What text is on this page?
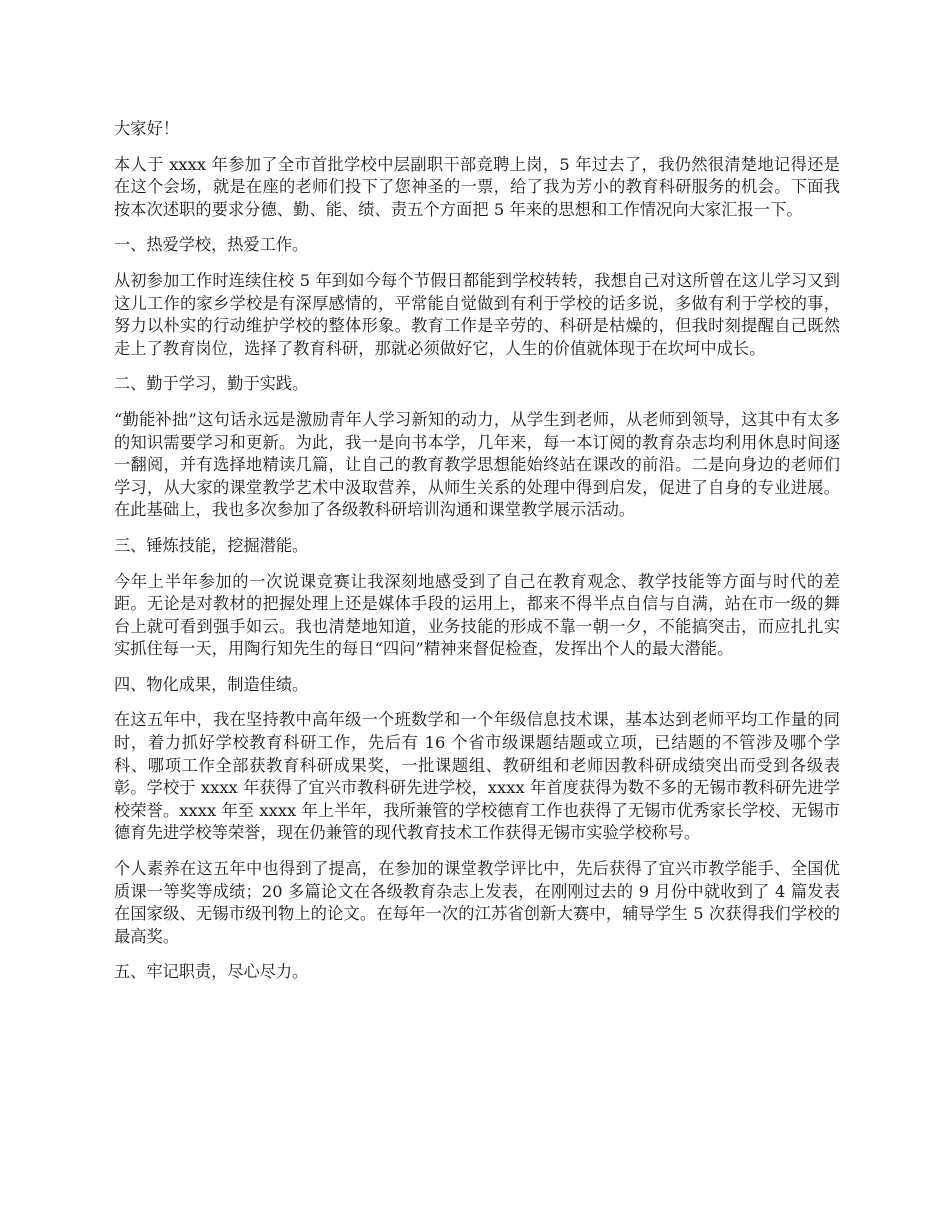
大家好！

本人于 xxxx 年参加了全市首批学校中层副职干部竞聘上岗，5 年过去了，我仍然很清楚地记得还是在这个会场，就是在座的老师们投下了您神圣的一票，给了我为芳小的教育科研服务的机会。下面我按本次述职的要求分德、勤、能、绩、责五个方面把 5 年来的思想和工作情况向大家汇报一下。

一、热爱学校，热爱工作。

从初参加工作时连续住校 5 年到如今每个节假日都能到学校转转，我想自己对这所曾在这儿学习又到这儿工作的家乡学校是有深厚感情的，平常能自觉做到有利于学校的话多说，多做有利于学校的事，努力以朴实的行动维护学校的整体形象。教育工作是辛劳的、科研是枯燥的，但我时刻提醒自己既然走上了教育岗位，选择了教育科研，那就必须做好它，人生的价值就体现于在坎坷中成长。

二、勤于学习，勤于实践。

“勤能补拙”这句话永远是激励青年人学习新知的动力，从学生到老师，从老师到领导，这其中有太多的知识需要学习和更新。为此，我一是向书本学，几年来，每一本订阅的教育杂志均利用休息时间逐一翻阅，并有选择地精读几篇，让自己的教育教学思想能始终站在课改的前沿。二是向身边的老师们学习，从大家的课堂教学艺术中汲取营养，从师生关系的处理中得到启发，促进了自身的专业进展。在此基础上，我也多次参加了各级教科研培训沟通和课堂教学展示活动。

三、锤炼技能，挖掘潜能。

今年上半年参加的一次说课竞赛让我深刻地感受到了自己在教育观念、教学技能等方面与时代的差距。无论是对教材的把握处理上还是媒体手段的运用上，都来不得半点自信与自满，站在市一级的舞台上就可看到强手如云。我也清楚地知道，业务技能的形成不靠一朝一夕，不能搞突击，而应扎扎实实抓住每一天，用陶行知先生的每日“四问”精神来督促检查，发挥出个人的最大潜能。

四、物化成果，制造佳绩。

在这五年中，我在坚持教中高年级一个班数学和一个年级信息技术课，基本达到老师平均工作量的同时，着力抓好学校教育科研工作，先后有 16 个省市级课题结题或立项，已结题的不管涉及哪个学科、哪项工作全部获教育科研成果奖，一批课题组、教研组和老师因教科研成绩突出而受到各级表彰。学校于 xxxx 年获得了宜兴市教科研先进学校，xxxx 年首度获得为数不多的无锡市教科研先进学校荣誉。xxxx 年至 xxxx 年上半年，我所兼管的学校德育工作也获得了无锡市优秀家长学校、无锡市德育先进学校等荣誉，现在仍兼管的现代教育技术工作获得无锡市实验学校称号。

个人素养在这五年中也得到了提高，在参加的课堂教学评比中，先后获得了宜兴市教学能手、全国优质课一等奖等成绩；20 多篇论文在各级教育杂志上发表，在刚刚过去的 9 月份中就收到了 4 篇发表在国家级、无锡市级刊物上的论文。在每年一次的江苏省创新大赛中，辅导学生 5 次获得我们学校的最高奖。

五、牢记职责，尽心尽力。
